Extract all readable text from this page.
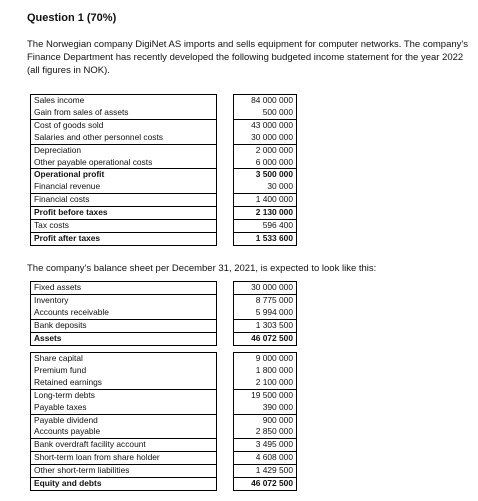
Question 1 (70%)
The Norwegian company DigiNet AS imports and sells equipment for computer networks. The company's Finance Department has recently developed the following budgeted income statement for the year 2022 (all figures in NOK).
Sales income		84 000 000
Gain from sales of assets		500 000
Cost of goods sold		43 000 000
Salaries and other personnel costs		30 000 000
Depreciation		2 000 000
Other payable operational costs		6 000 000
Operational profit		3 500 000
Financial revenue		30 000
Financial costs		1 400 000
Profit before taxes		2 130 000
Tax costs		596 400
Profit after taxes		1 533 600
The company's balance sheet per December 31, 2021, is expected to look like this:
Fixed assets		30 000 000
Inventory		8 775 000
Accounts receivable		5 994 000
Bank deposits		1 303 500
Assets		46 072 500
Share capital		9 000 000
Premium fund		1 800 000
Retained earnings		2 100 000
Long-term debts		19 500 000
Payable taxes		390 000
Payable dividend		900 000
Accounts payable		2 850 000
Bank overdraft facility account		3 495 000
Short-term loan from share holder		4 608 000
Other short-term liabilities		1 429 500
Equity and debts		46 072 500
